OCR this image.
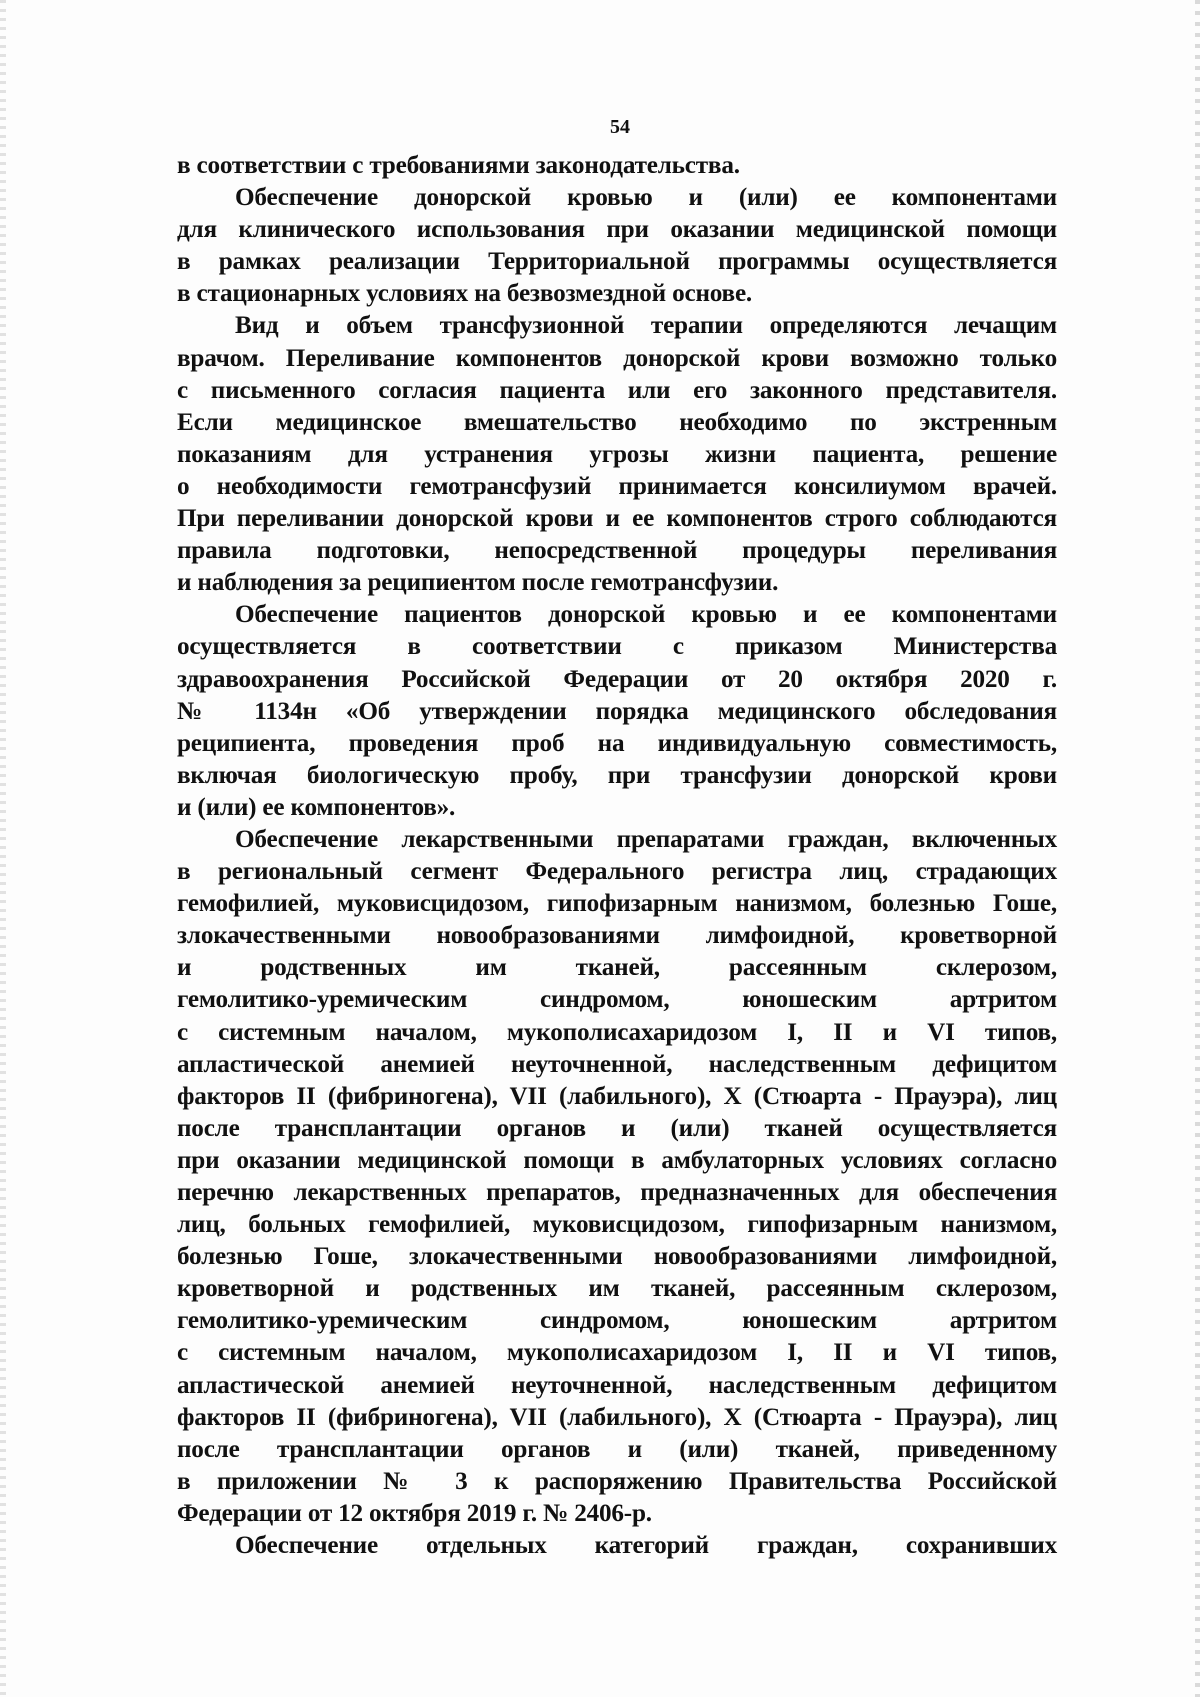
54
в соответствии с требованиями законодательства.
Обеспечение донорской кровью и (или) ее компонентами
для клинического использования при оказании медицинской помощи
в рамках реализации Территориальной программы осуществляется
в стационарных условиях на безвозмездной основе.
Вид и объем трансфузионной терапии определяются лечащим
врачом. Переливание компонентов донорской крови возможно только
с письменного согласия пациента или его законного представителя.
Если медицинское вмешательство необходимо по экстренным
показаниям для устранения угрозы жизни пациента, решение
о необходимости гемотрансфузий принимается консилиумом врачей.
При переливании донорской крови и ее компонентов строго соблюдаются
правила подготовки, непосредственной процедуры переливания
и наблюдения за реципиентом после гемотрансфузии.
Обеспечение пациентов донорской кровью и ее компонентами
осуществляется в соответствии с приказом Министерства
здравоохранения Российской Федерации от 20 октября 2020 г.
№ 1134н «Об утверждении порядка медицинского обследования
реципиента, проведения проб на индивидуальную совместимость,
включая биологическую пробу, при трансфузии донорской крови
и (или) ее компонентов».
Обеспечение лекарственными препаратами граждан, включенных
в региональный сегмент Федерального регистра лиц, страдающих
гемофилией, муковисцидозом, гипофизарным нанизмом, болезнью Гоше,
злокачественными новообразованиями лимфоидной, кроветворной
и родственных им тканей, рассеянным склерозом,
гемолитико-уремическим синдромом, юношеским артритом
с системным началом, мукополисахаридозом I, II и VI типов,
апластической анемией неуточненной, наследственным дефицитом
факторов II (фибриногена), VII (лабильного), X (Стюарта - Прауэра), лиц
после трансплантации органов и (или) тканей осуществляется
при оказании медицинской помощи в амбулаторных условиях согласно
перечню лекарственных препаратов, предназначенных для обеспечения
лиц, больных гемофилией, муковисцидозом, гипофизарным нанизмом,
болезнью Гоше, злокачественными новообразованиями лимфоидной,
кроветворной и родственных им тканей, рассеянным склерозом,
гемолитико-уремическим синдромом, юношеским артритом
с системным началом, мукополисахаридозом I, II и VI типов,
апластической анемией неуточненной, наследственным дефицитом
факторов II (фибриногена), VII (лабильного), X (Стюарта - Прауэра), лиц
после трансплантации органов и (или) тканей, приведенному
в приложении № 3 к распоряжению Правительства Российской
Федерации от 12 октября 2019 г. № 2406-р.
Обеспечение отдельных категорий граждан, сохранивших
